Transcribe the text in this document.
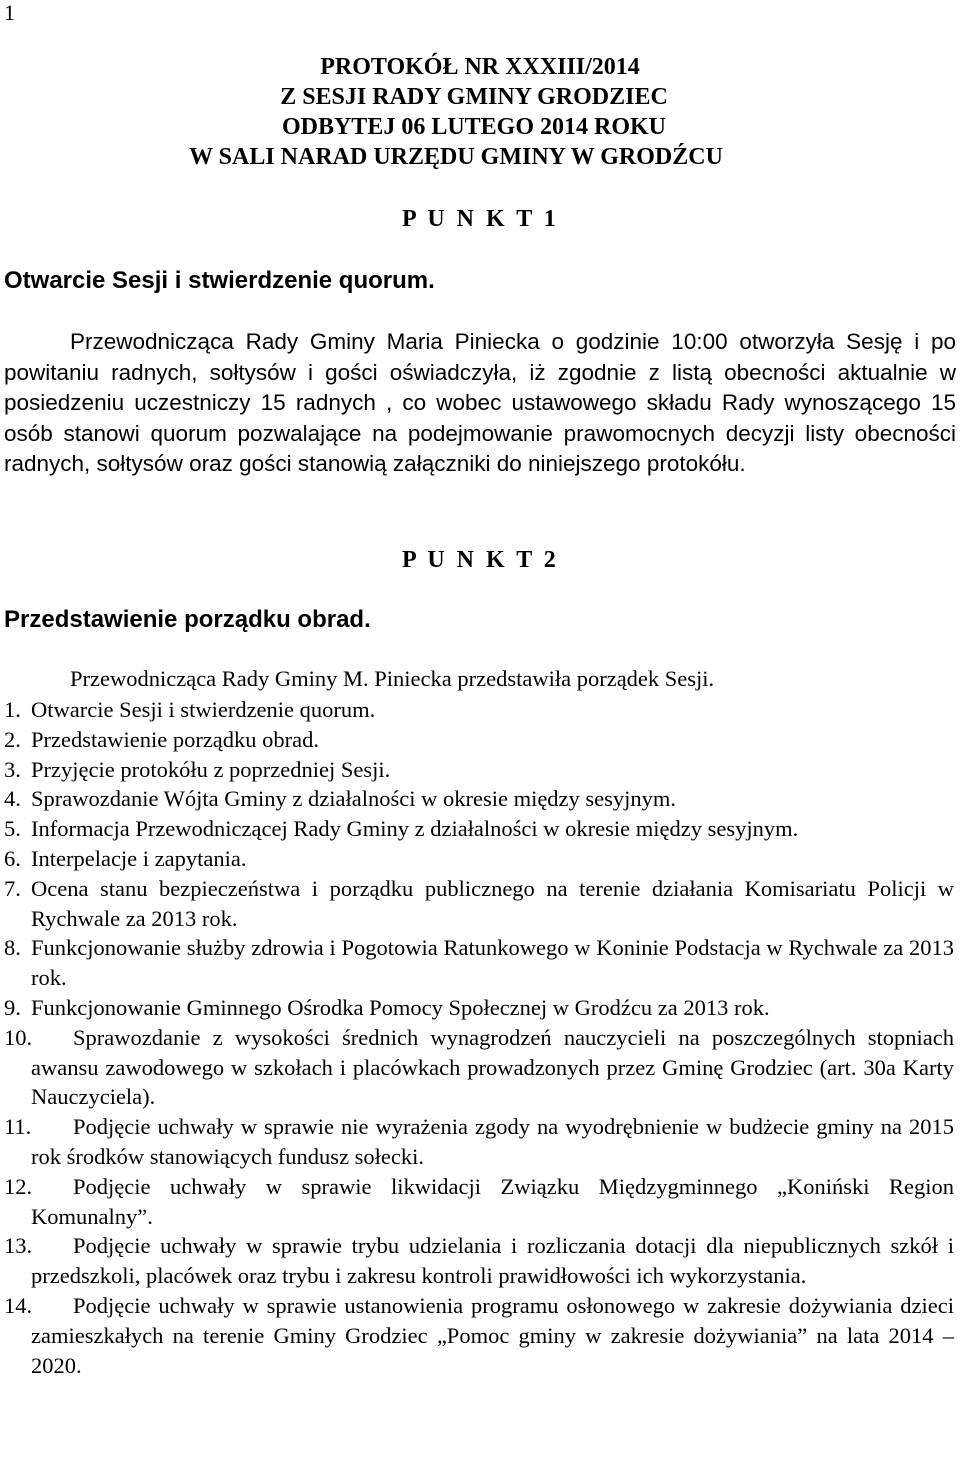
1
PROTOKÓŁ NR XXXIII/2014
Z SESJI RADY GMINY GRODZIEC
ODBYTEJ 06 LUTEGO 2014 ROKU
W SALI NARAD URZĘDU GMINY W GRODŹCU
P U N K T 1
Otwarcie Sesji i stwierdzenie quorum.
Przewodnicząca Rady Gminy Maria Piniecka o godzinie 10:00 otworzyła Sesję i po powitaniu radnych, sołtysów i gości oświadczyła, iż zgodnie z listą obecności aktualnie w posiedzeniu uczestniczy 15 radnych , co wobec ustawowego składu Rady wynoszącego 15 osób stanowi quorum pozwalające na podejmowanie prawomocnych decyzji listy obecności radnych, sołtysów oraz gości stanowią załączniki do niniejszego protokółu.
P U N K T 2
Przedstawienie porządku obrad.
Przewodnicząca Rady Gminy M. Piniecka przedstawiła porządek Sesji.
1. Otwarcie Sesji i stwierdzenie quorum.
2. Przedstawienie porządku obrad.
3. Przyjęcie protokółu z poprzedniej Sesji.
4. Sprawozdanie Wójta Gminy z działalności w okresie między sesyjnym.
5. Informacja Przewodniczącej Rady Gminy z działalności w okresie między sesyjnym.
6. Interpelacje i zapytania.
7. Ocena stanu bezpieczeństwa i porządku publicznego na terenie działania Komisariatu Policji w Rychwale za 2013 rok.
8. Funkcjonowanie służby zdrowia i Pogotowia Ratunkowego w Koninie Podstacja w Rychwale za 2013 rok.
9. Funkcjonowanie Gminnego Ośrodka Pomocy Społecznej w Grodźcu za 2013 rok.
10.	Sprawozdanie z wysokości średnich wynagrodzeń nauczycieli na poszczególnych stopniach awansu zawodowego w szkołach i placówkach prowadzonych przez Gminę Grodziec (art. 30a Karty Nauczyciela).
11.	Podjęcie uchwały w sprawie nie wyrażenia zgody na wyodrębnienie w budżecie gminy na 2015 rok środków stanowiących fundusz sołecki.
12.	Podjęcie uchwały w sprawie likwidacji Związku Międzygminnego „Koniński Region Komunalny”.
13.	Podjęcie uchwały w sprawie trybu udzielania i rozliczania dotacji dla niepublicznych szkół i przedszkoli, placówek oraz trybu i zakresu kontroli prawidłowości ich wykorzystania.
14.	Podjęcie uchwały w sprawie ustanowienia programu osłonowego w zakresie dożywiania dzieci zamieszkałych na terenie Gminy Grodziec „Pomoc gminy w zakresie dożywiania” na lata 2014 – 2020.
